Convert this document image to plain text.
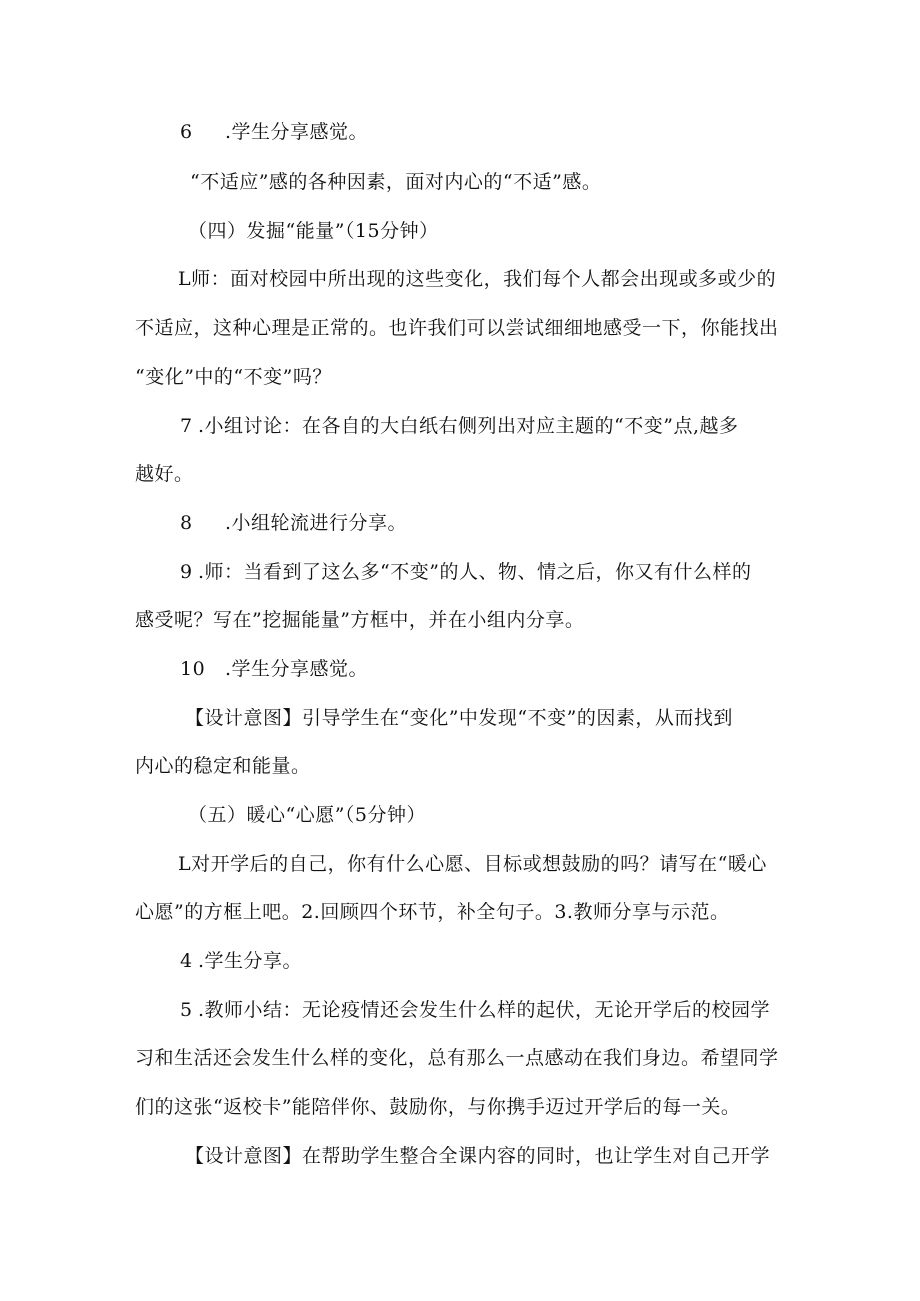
6 .学生分享感觉。
“不适应”感的各种因素，面对内心的“不适”感。
（四）发掘“能量”（15分钟）
L师：面对校园中所出现的这些变化，我们每个人都会出现或多或少的
不适应，这种心理是正常的。也许我们可以尝试细细地感受一下，你能找出
“变化”中的“不变”吗？
7 .小组讨论：在各自的大白纸右侧列出对应主题的“不变”点,越多
越好。
8 .小组轮流进行分享。
9 .师：当看到了这么多“不变”的人、物、情之后，你又有什么样的
感受呢？写在”挖掘能量”方框中，并在小组内分享。
10 .学生分享感觉。
【设计意图】引导学生在“变化”中发现“不变”的因素，从而找到
内心的稳定和能量。
（五）暖心“心愿”（5分钟）
L对开学后的自己，你有什么心愿、目标或想鼓励的吗？请写在“暖心
心愿”的方框上吧。2.回顾四个环节，补全句子。3.教师分享与示范。
4 .学生分享。
5 .教师小结：无论疫情还会发生什么样的起伏，无论开学后的校园学
习和生活还会发生什么样的变化，总有那么一点感动在我们身边。希望同学
们的这张“返校卡”能陪伴你、鼓励你，与你携手迈过开学后的每一关。
【设计意图】在帮助学生整合全课内容的同时，也让学生对自己开学
